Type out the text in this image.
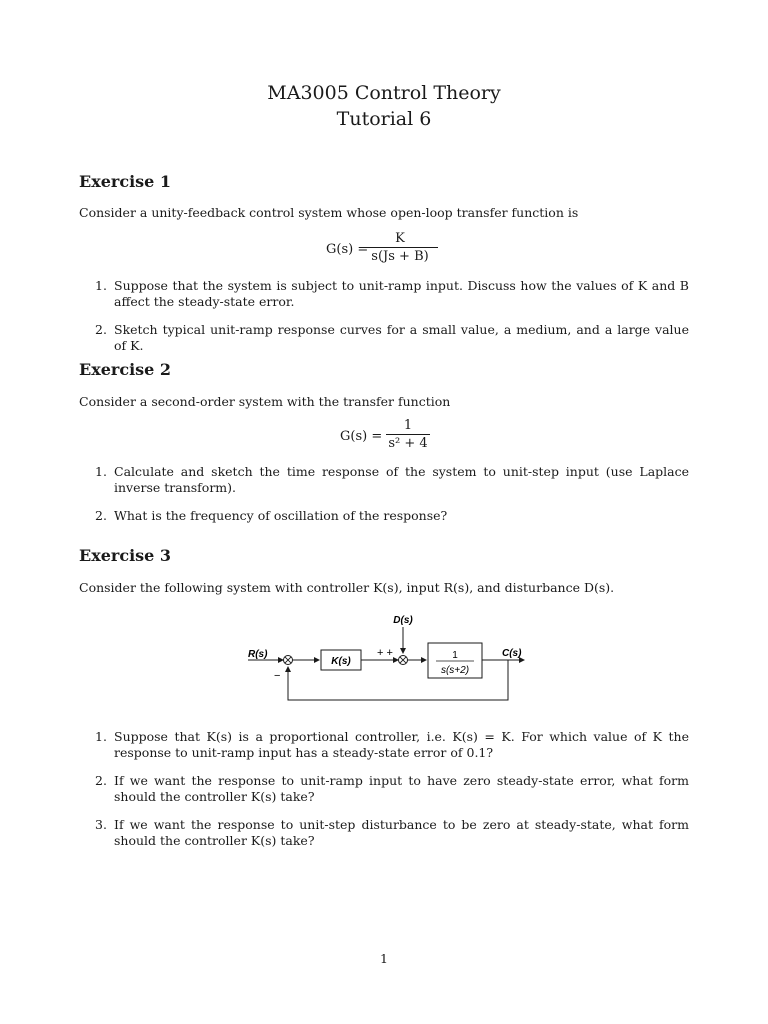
MA3005 Control Theory
Tutorial 6
Exercise 1
Consider a unity-feedback control system whose open-loop transfer function is
G(s) =
K
s(Js + B)
1. Suppose that the system is subject to unit-ramp input. Discuss how the values of K and B affect the steady-state error.
2. Sketch typical unit-ramp response curves for a small value, a medium, and a large value of K.
Exercise 2
Consider a second-order system with the transfer function
G(s) =
1
s² + 4
1. Calculate and sketch the time response of the system to unit-step input (use Laplace inverse transform).
2. What is the frequency of oscillation of the response?
Exercise 3
Consider the following system with controller K(s), input R(s), and disturbance D(s).
R(s)
−
K(s)
+ +
D(s)
1
s(s+2)
C(s)
1. Suppose that K(s) is a proportional controller, i.e. K(s) = K. For which value of K the response to unit-ramp input has a steady-state error of 0.1?
2. If we want the response to unit-ramp input to have zero steady-state error, what form should the controller K(s) take?
3. If we want the response to unit-step disturbance to be zero at steady-state, what form should the controller K(s) take?
1
